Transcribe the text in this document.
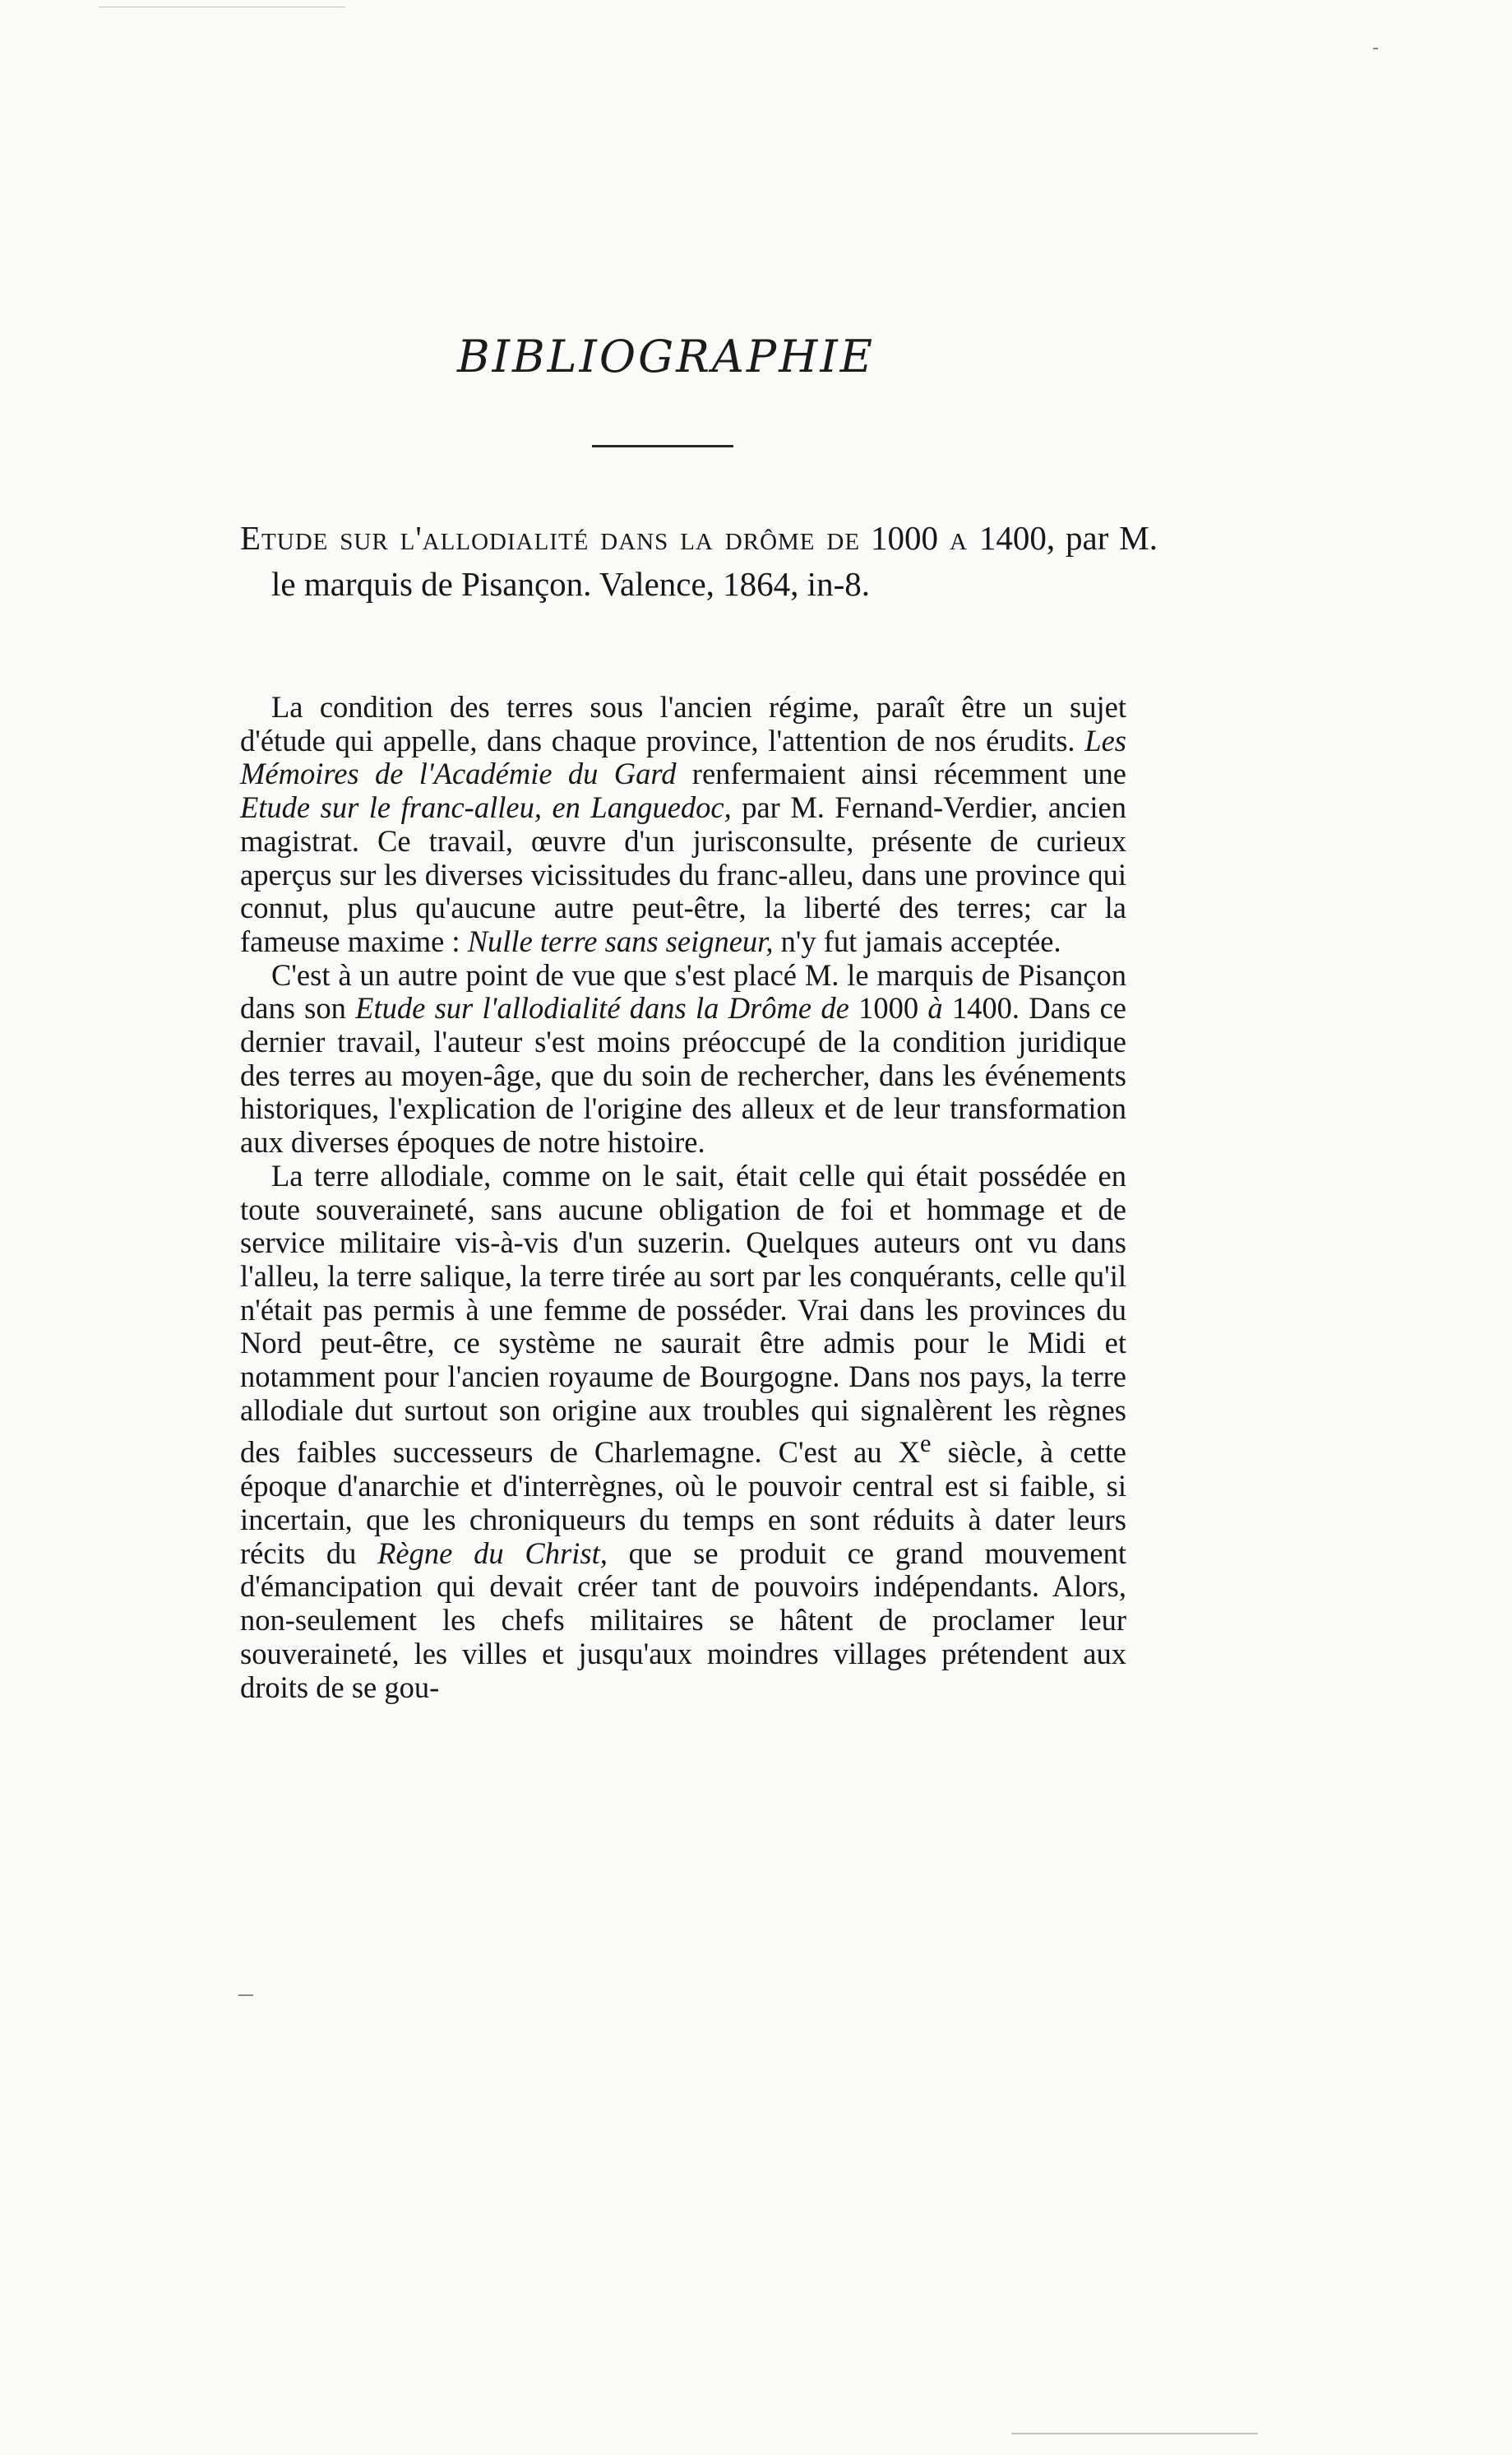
BIBLIOGRAPHIE
Etude sur l'allodialité dans la drôme de 1000 a 1400, par M. le marquis de Pisançon. Valence, 1864, in-8.

La condition des terres sous l'ancien régime, paraît être un sujet d'étude qui appelle, dans chaque province, l'attention de nos érudits. Les Mémoires de l'Académie du Gard renfermaient ainsi récemment une Etude sur le franc-alleu, en Languedoc, par M. Fernand-Verdier, ancien magistrat. Ce travail, œuvre d'un jurisconsulte, présente de curieux aperçus sur les diverses vicissitudes du franc-alleu, dans une province qui connut, plus qu'aucune autre peut-être, la liberté des terres; car la fameuse maxime : Nulle terre sans seigneur, n'y fut jamais acceptée.

C'est à un autre point de vue que s'est placé M. le marquis de Pisançon dans son Etude sur l'allodialité dans la Drôme de 1000 à 1400. Dans ce dernier travail, l'auteur s'est moins préoccupé de la condition juridique des terres au moyen-âge, que du soin de rechercher, dans les événements historiques, l'explication de l'origine des alleux et de leur transformation aux diverses époques de notre histoire.

La terre allodiale, comme on le sait, était celle qui était possédée en toute souveraineté, sans aucune obligation de foi et hommage et de service militaire vis-à-vis d'un suzerin. Quelques auteurs ont vu dans l'alleu, la terre salique, la terre tirée au sort par les conquérants, celle qu'il n'était pas permis à une femme de posséder. Vrai dans les provinces du Nord peut-être, ce système ne saurait être admis pour le Midi et notamment pour l'ancien royaume de Bourgogne. Dans nos pays, la terre allodiale dut surtout son origine aux troubles qui signalèrent les règnes des faibles successeurs de Charlemagne. C'est au Xe siècle, à cette époque d'anarchie et d'interrègnes, où le pouvoir central est si faible, si incertain, que les chroniqueurs du temps en sont réduits à dater leurs récits du Règne du Christ, que se produit ce grand mouvement d'émancipation qui devait créer tant de pouvoirs indépendants. Alors, non-seulement les chefs militaires se hâtent de proclamer leur souveraineté, les villes et jusqu'aux moindres villages prétendent aux droits de se gou-
